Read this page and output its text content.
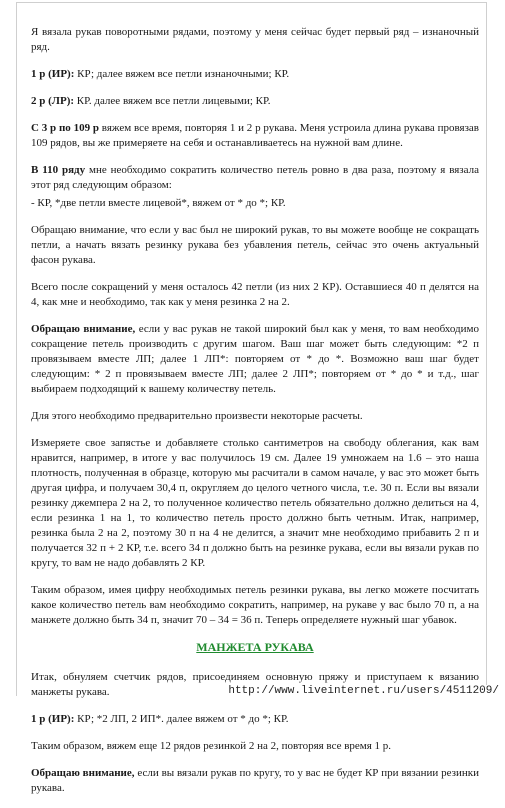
Я вязала рукав поворотными рядами, поэтому у меня сейчас будет первый ряд – изнаночный ряд.

1 р (ИР): КР; далее вяжем все петли изнаночными; КР.

2 р (ЛР): КР. далее вяжем все петли лицевыми; КР.

С 3 р по 109 р вяжем все время, повторяя 1 и 2 р рукава. Меня устроила длина рукава провязав 109 рядов, вы же примеряете на себя и останавливаетесь на нужной вам длине.

В 110 ряду мне необходимо сократить количество петель ровно в два раза, поэтому я вязала этот ряд следующим образом:

- КР, *две петли вместе лицевой*, вяжем от * до *; КР.

Обращаю внимание, что если у вас был не широкий рукав, то вы можете вообще не сокращать петли, а начать вязать резинку рукава без убавления петель, сейчас это очень актуальный фасон рукава.

Всего после сокращений у меня осталось 42 петли (из них 2 КР). Оставшиеся 40 п делятся на 4, как мне и необходимо, так как у меня резинка 2 на 2.

Обращаю внимание, если у вас рукав не такой широкий был как у меня, то вам необходимо сокращение петель производить с другим шагом. Ваш шаг может быть следующим: *2 п провязываем вместе ЛП; далее 1 ЛП*: повторяем от * до *. Возможно ваш шаг будет следующим: * 2 п провязываем вместе ЛП; далее 2 ЛП*; повторяем от * до * и т.д., шаг выбираем подходящий к вашему количеству петель.

Для этого необходимо предварительно произвести некоторые расчеты.

Измеряете свое запястье и добавляете столько сантиметров на свободу облегания, как вам нравится, например, в итоге у вас получилось 19 см. Далее 19 умножаем на 1.6 – это наша плотность, полученная в образце, которую мы расчитали в самом начале, у вас это может быть другая цифра, и получаем 30,4 п, округляем до целого четного числа, т.е. 30 п. Если вы вязали резинку джемпера 2 на 2, то полученное количество петель обязательно должно делиться на 4, если резинка 1 на 1, то количество петель просто должно быть четным. Итак, например, резинка была 2 на 2, поэтому 30 п на 4 не делится, а значит мне необходимо прибавить 2 п и получается 32 п + 2 КР, т.е. всего 34 п должно быть на резинке рукава, если вы вязали рукав по кругу, то вам не надо добавлять 2 КР.

Таким образом, имея цифру необходимых петель резинки рукава, вы легко можете посчитать какое количество петель вам необходимо сократить, например, на рукаве у вас было 70 п, а на манжете должно быть 34 п, значит 70 – 34 = 36 п. Теперь определяете нужный шаг убавок.

МАНЖЕТА РУКАВА

Итак, обнуляем счетчик рядов, присоединяем основную пряжу и приступаем к вязанию манжеты рукава.

1 р (ИР): КР; *2 ЛП, 2 ИП*. далее вяжем от * до *; КР.

Таким образом, вяжем еще 12 рядов резинкой 2 на 2, повторяя все время 1 р.

Обращаю внимание, если вы вязали рукав по кругу, то у вас не будет КР при вязании резинки рукава.

http://www.liveinternet.ru/users/4511209/
